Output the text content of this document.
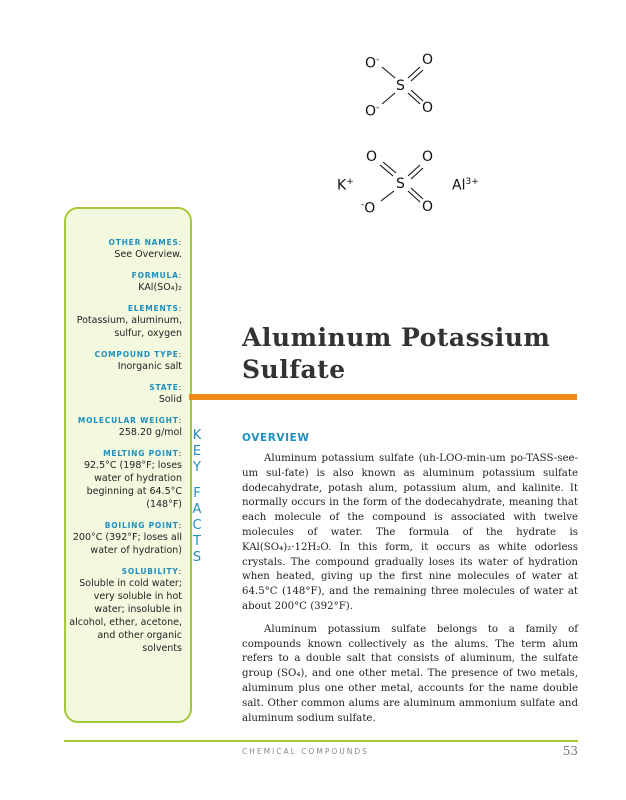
O-	O
S
O-	O
K+
O	O
S
-O	O
$Al^{3+}$
OTHER NAMES:
See Overview.
FORMULA:
KAl(SO₄)₂
ELEMENTS:
Potassium, aluminum, sulfur, oxygen
COMPOUND TYPE:
Inorganic salt
STATE:
Solid
MOLECULAR WEIGHT:
258.20 g/mol
MELTING POINT:
92.5°C (198°F; loses water of hydration beginning at 64.5°C (148°F)
BOILING POINT:
200°C (392°F; loses all water of hydration)
SOLUBILITY:
Soluble in cold water; very soluble in hot water; insoluble in alcohol, ether, acetone, and other organic solvents
K
E
Y
F
A
C
T
S
Aluminum Potassium Sulfate
OVERVIEW

Aluminum potassium sulfate (uh-LOO-min-um po-TASS-see-um sul-fate) is also known as aluminum potassium sulfate dodecahydrate, potash alum, potassium alum, and kalinite. It normally occurs in the form of the dodecahydrate, meaning that each molecule of the compound is associated with twelve molecules of water. The formula of the hydrate is KAl(SO₄)₂·12H₂O. In this form, it occurs as white odorless crystals. The compound gradually loses its water of hydration when heated, giving up the first nine molecules of water at 64.5°C (148°F), and the remaining three molecules of water at about 200°C (392°F).

Aluminum potassium sulfate belongs to a family of compounds known collectively as the alums. The term alum refers to a double salt that consists of aluminum, the sulfate group (SO₄), and one other metal. The presence of two metals, aluminum plus one other metal, accounts for the name double salt. Other common alums are aluminum ammonium sulfate and aluminum sodium sulfate.

CHEMICAL COMPOUNDS	53
